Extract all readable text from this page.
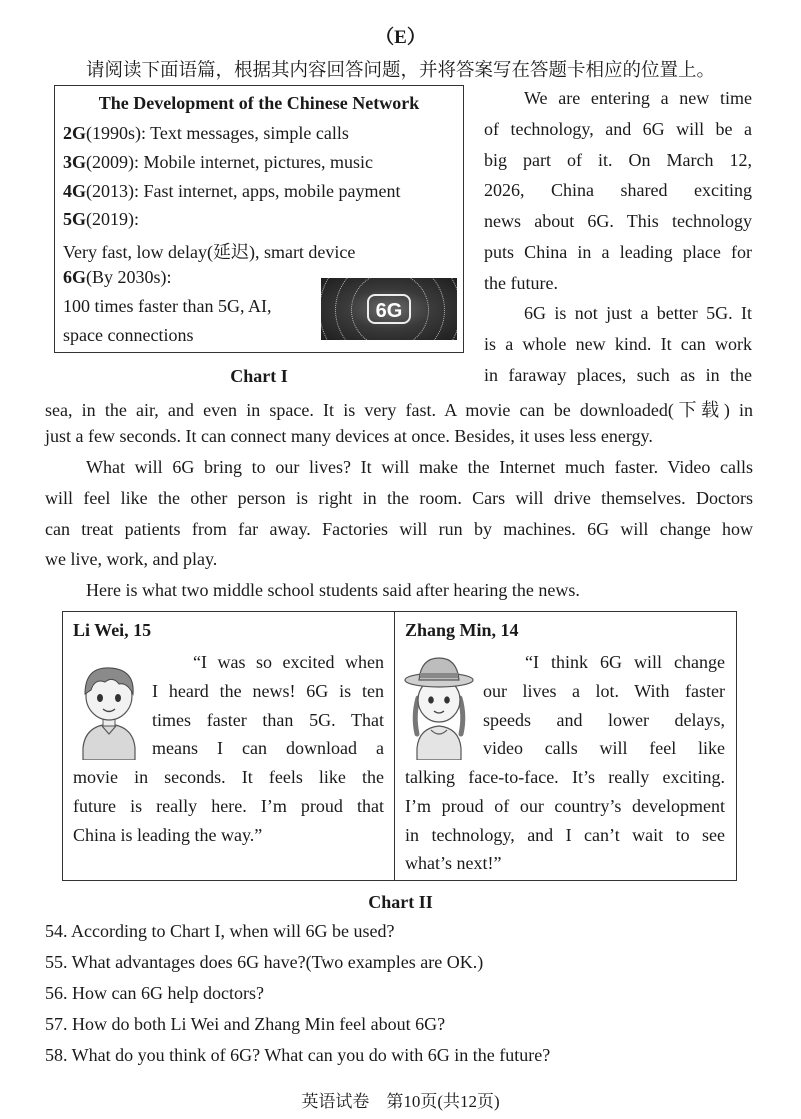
（E）
请阅读下面语篇，根据其内容回答问题，并将答案写在答题卡相应的位置上。
The Development of the Chinese Network
2G(1990s): Text messages, simple calls
3G(2009): Mobile internet, pictures, music
4G(2013): Fast internet, apps, mobile payment
5G(2019):
Very fast, low delay(延迟), smart device
6G(By 2030s):
100 times faster than 5G, AI,
space connections
6G
Chart I
We are entering a new time
of technology, and 6G will be a
big part of it. On March 12,
2026, China shared exciting
news about 6G. This technology
puts China in a leading place for
the future.
6G is not just a better 5G. It
is a whole new kind. It can work
in faraway places, such as in the
sea, in the air, and even in space. It is very fast. A movie can be downloaded(下载) in
just a few seconds. It can connect many devices at once. Besides, it uses less energy.
What will 6G bring to our lives? It will make the Internet much faster. Video calls
will feel like the other person is right in the room. Cars will drive themselves. Doctors
can treat patients from far away. Factories will run by machines. 6G will change how
we live, work, and play.
Here is what two middle school students said after hearing the news.
Li Wei, 15
“I was so excited when
I heard the news! 6G is ten
times faster than 5G. That
means I can download a
movie in seconds. It feels like the
future is really here. I’m proud that
China is leading the way.”
Zhang Min, 14
“I think 6G will change
our lives a lot. With faster
speeds and lower delays,
video calls will feel like
talking face-to-face. It’s really exciting.
I’m proud of our country’s development
in technology, and I can’t wait to see
what’s next!”
Chart II
54. According to Chart I, when will 6G be used?
55. What advantages does 6G have?(Two examples are OK.)
56. How can 6G help doctors?
57. How do both Li Wei and Zhang Min feel about 6G?
58. What do you think of 6G? What can you do with 6G in the future?
英语试卷　第10页(共12页)
